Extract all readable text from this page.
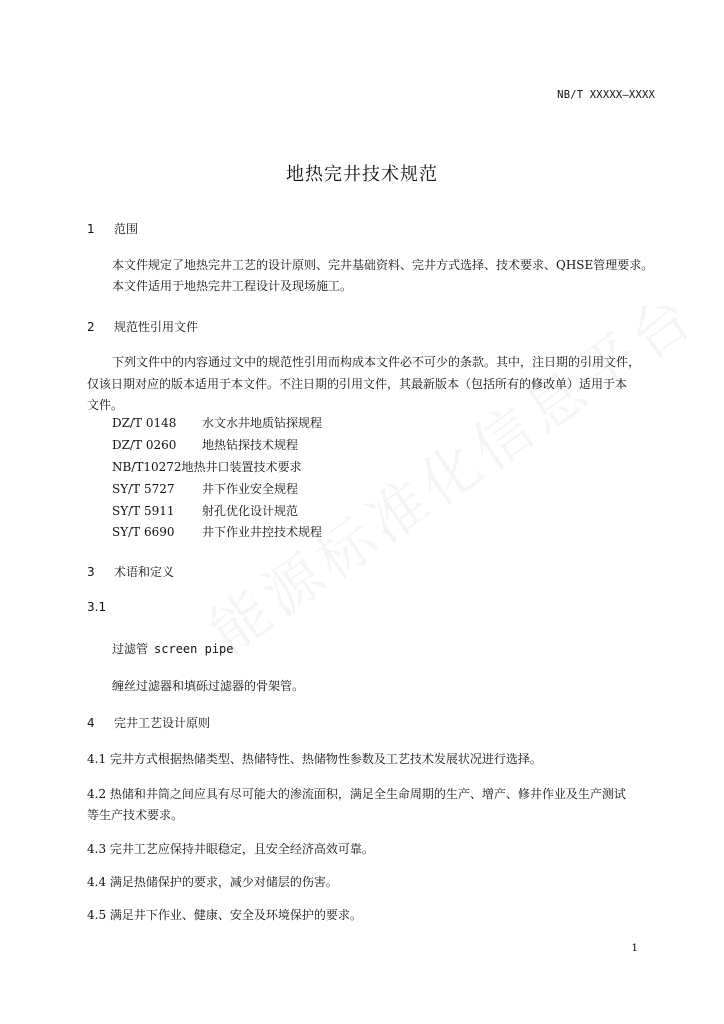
NB/T XXXXX—XXXX
地热完井技术规范
1 范围
本文件规定了地热完井工艺的设计原则、完井基础资料、完井方式选择、技术要求、QHSE管理要求。
本文件适用于地热完井工程设计及现场施工。
2 规范性引用文件
下列文件中的内容通过文中的规范性引用而构成本文件必不可少的条款。其中，注日期的引用文件，
仅该日期对应的版本适用于本文件。不注日期的引用文件，其最新版本（包括所有的修改单）适用于本
文件。
DZ/T 0148 水文水井地质钻探规程
DZ/T 0260 地热钻探技术规程
NB/T10272地热井口装置技术要求
SY/T 5727 井下作业安全规程
SY/T 5911 射孔优化设计规范
SY/T 6690 井下作业井控技术规程
3 术语和定义
3.1
过滤管 screen pipe
缠丝过滤器和填砾过滤器的骨架管。
4 完井工艺设计原则
4.1 完井方式根据热储类型、热储特性、热储物性参数及工艺技术发展状况进行选择。
4.2 热储和井筒之间应具有尽可能大的渗流面积，满足全生命周期的生产、增产、修井作业及生产测试
等生产技术要求。
4.3 完井工艺应保持井眼稳定，且安全经济高效可靠。
4.4 满足热储保护的要求，减少对储层的伤害。
4.5 满足井下作业、健康、安全及环境保护的要求。
1
